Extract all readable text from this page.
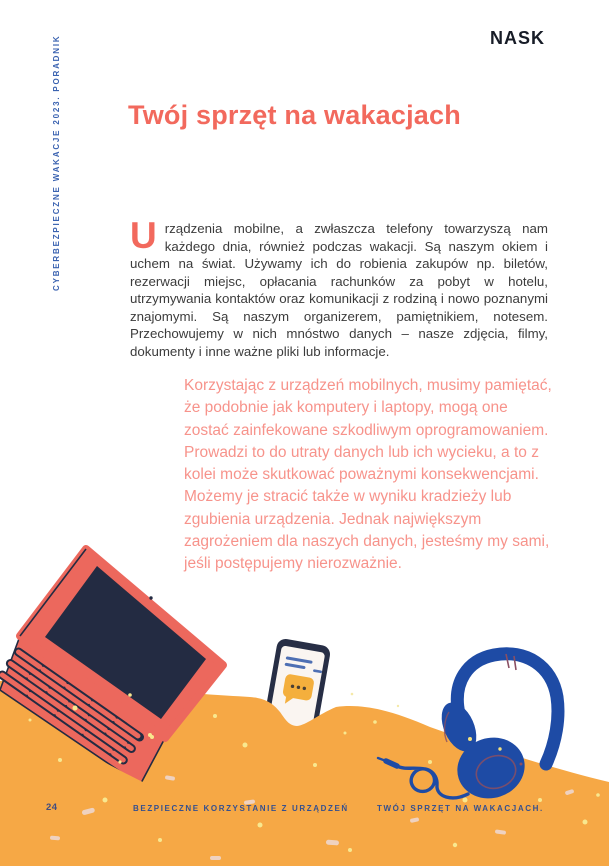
NASK
CYBERBEZPIECZNE WAKACJE 2023. PORADNIK Twój sprzęt na wakacjach

Urządzenia mobilne, a zwłaszcza telefony towarzyszą nam każdego dnia, również podczas wakacji. Są naszym okiem i uchem na świat. Używamy ich do robienia zakupów np. biletów, rezerwacji miejsc, opłacania rachunków za pobyt w hotelu, utrzymywania kontaktów oraz komunikacji z rodziną i nowo poznanymi znajomymi. Są naszym organizerem, pamiętnikiem, notesem. Przechowujemy w nich mnóstwo danych – nasze zdjęcia, filmy, dokumenty i inne ważne pliki lub informacje.

Korzystając z urządzeń mobilnych, musimy pamiętać, że podobnie jak komputery i laptopy, mogą one zostać zainfekowane szkodliwym oprogramowaniem. Prowadzi to do utraty danych lub ich wycieku, a to z kolei może skutkować poważnymi konsekwencjami. Możemy je stracić także w wyniku kradzieży lub zgubienia urządzenia. Jednak największym zagrożeniem dla naszych danych, jesteśmy my sami, jeśli postępujemy nierozważnie.

24	BEZPIECZNE KORZYSTANIE Z URZĄDZEŃ	TWÓJ SPRZĘT NA WAKACJACH.
